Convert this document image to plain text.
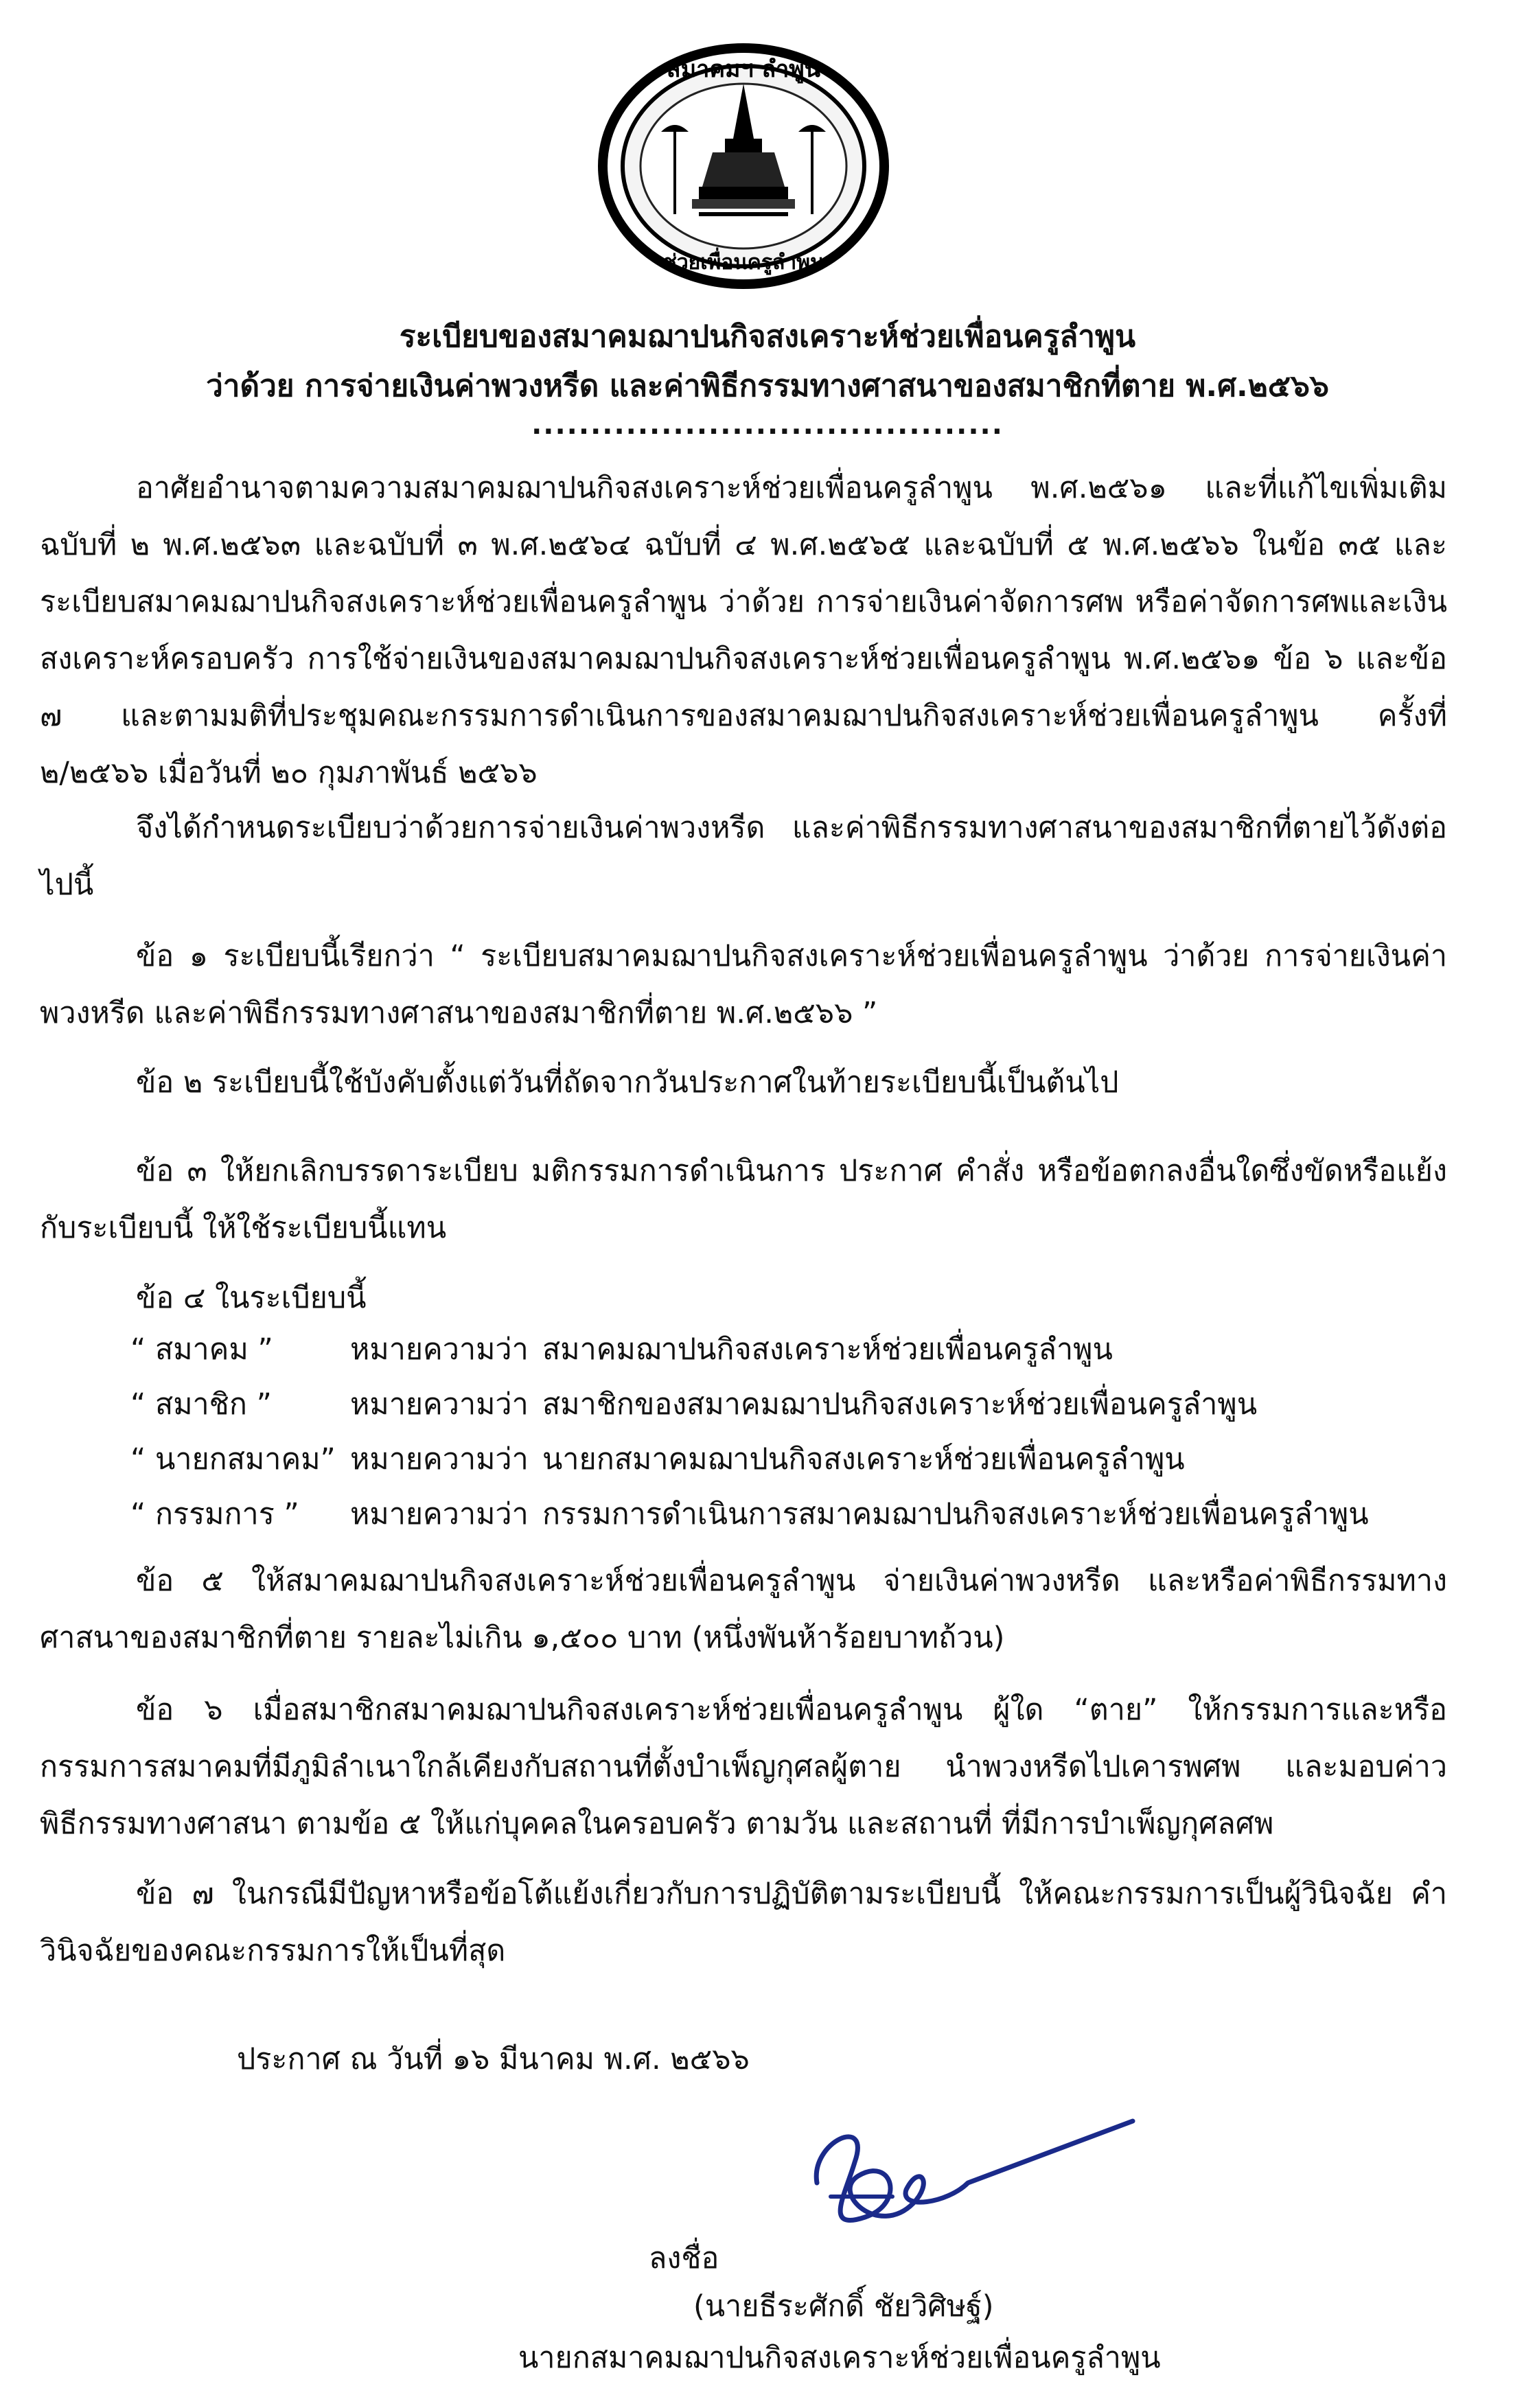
สมาคมฯ ลำพูน
ช่วยเพื่อนครูลำพูน
ระเบียบของสมาคมฌาปนกิจสงเคราะห์ช่วยเพื่อนครูลำพูน
ว่าด้วย การจ่ายเงินค่าพวงหรีด และค่าพิธีกรรมทางศาสนาของสมาชิกที่ตาย พ.ศ.๒๕๖๖
........................................
อาศัยอำนาจตามความสมาคมฌาปนกิจสงเคราะห์ช่วยเพื่อนครูลำพูน พ.ศ.๒๕๖๑ และที่แก้ไขเพิ่มเติม ฉบับที่ ๒ พ.ศ.๒๕๖๓ และฉบับที่ ๓ พ.ศ.๒๕๖๔ ฉบับที่ ๔ พ.ศ.๒๕๖๕ และฉบับที่ ๕ พ.ศ.๒๕๖๖ ในข้อ ๓๕ และระเบียบสมาคมฌาปนกิจสงเคราะห์ช่วยเพื่อนครูลำพูน ว่าด้วย การจ่ายเงินค่าจัดการศพ หรือค่าจัดการศพและเงินสงเคราะห์ครอบครัว การใช้จ่ายเงินของสมาคมฌาปนกิจสงเคราะห์ช่วยเพื่อนครูลำพูน พ.ศ.๒๕๖๑ ข้อ ๖ และข้อ ๗ และตามมติที่ประชุมคณะกรรมการดำเนินการของสมาคมฌาปนกิจสงเคราะห์ช่วยเพื่อนครูลำพูน ครั้งที่ ๒/๒๕๖๖ เมื่อวันที่ ๒๐ กุมภาพันธ์ ๒๕๖๖
จึงได้กำหนดระเบียบว่าด้วยการจ่ายเงินค่าพวงหรีด และค่าพิธีกรรมทางศาสนาของสมาชิกที่ตายไว้ดังต่อไปนี้
ข้อ ๑ ระเบียบนี้เรียกว่า “ ระเบียบสมาคมฌาปนกิจสงเคราะห์ช่วยเพื่อนครูลำพูน ว่าด้วย การจ่ายเงินค่าพวงหรีด และค่าพิธีกรรมทางศาสนาของสมาชิกที่ตาย พ.ศ.๒๕๖๖ ”
ข้อ ๒ ระเบียบนี้ใช้บังคับตั้งแต่วันที่ถัดจากวันประกาศในท้ายระเบียบนี้เป็นต้นไป
ข้อ ๓ ให้ยกเลิกบรรดาระเบียบ มติกรรมการดำเนินการ ประกาศ คำสั่ง หรือข้อตกลงอื่นใดซึ่งขัดหรือแย้งกับระเบียบนี้ ให้ใช้ระเบียบนี้แทน
ข้อ ๔ ในระเบียบนี้
“ สมาคม ”	หมายความว่า สมาคมฌาปนกิจสงเคราะห์ช่วยเพื่อนครูลำพูน
“ สมาชิก ”	หมายความว่า สมาชิกของสมาคมฌาปนกิจสงเคราะห์ช่วยเพื่อนครูลำพูน
“ นายกสมาคม” หมายความว่า นายกสมาคมฌาปนกิจสงเคราะห์ช่วยเพื่อนครูลำพูน
“ กรรมการ ”	หมายความว่า กรรมการดำเนินการสมาคมฌาปนกิจสงเคราะห์ช่วยเพื่อนครูลำพูน
ข้อ ๕ ให้สมาคมฌาปนกิจสงเคราะห์ช่วยเพื่อนครูลำพูน จ่ายเงินค่าพวงหรีด และหรือค่าพิธีกรรมทางศาสนาของสมาชิกที่ตาย รายละไม่เกิน ๑,๕๐๐ บาท (หนึ่งพันห้าร้อยบาทถ้วน)
ข้อ ๖ เมื่อสมาชิกสมาคมฌาปนกิจสงเคราะห์ช่วยเพื่อนครูลำพูน ผู้ใด “ตาย” ให้กรรมการและหรือกรรมการสมาคมที่มีภูมิลำเนาใกล้เคียงกับสถานที่ตั้งบำเพ็ญกุศลผู้ตาย นำพวงหรีดไปเคารพศพ และมอบค่าวพิธีกรรมทางศาสนา ตามข้อ ๕ ให้แก่บุคคลในครอบครัว ตามวัน และสถานที่ ที่มีการบำเพ็ญกุศลศพ
ข้อ ๗ ในกรณีมีปัญหาหรือข้อโต้แย้งเกี่ยวกับการปฏิบัติตามระเบียบนี้ ให้คณะกรรมการเป็นผู้วินิจฉัย คำวินิจฉัยของคณะกรรมการให้เป็นที่สุด
ประกาศ ณ วันที่ ๑๖ มีนาคม พ.ศ. ๒๕๖๖
ลงชื่อ
(นายธีระศักดิ์ ชัยวิศิษฐ์)
นายกสมาคมฌาปนกิจสงเคราะห์ช่วยเพื่อนครูลำพูน
